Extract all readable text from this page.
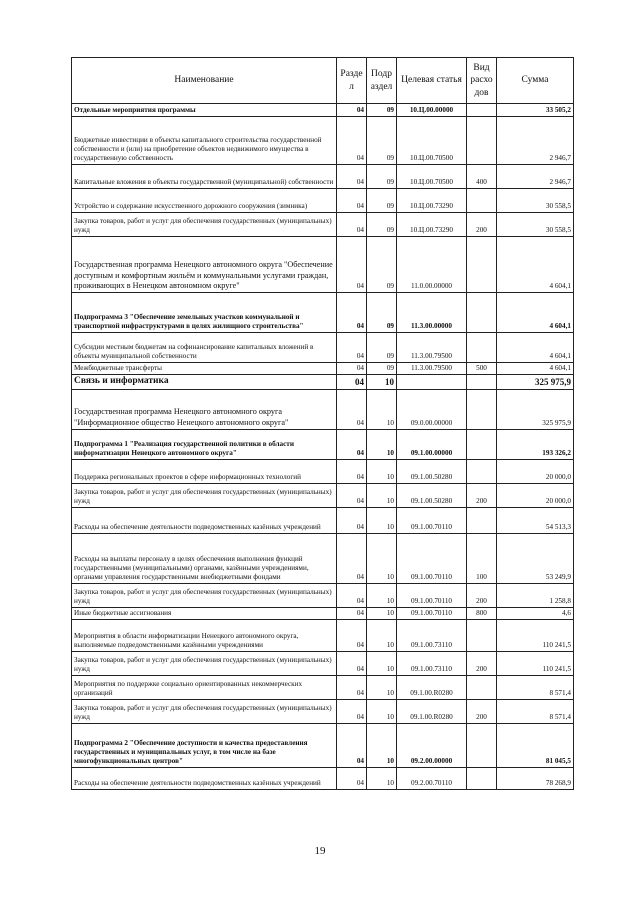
Наименование	Разде л	Подр аздел	Целевая статья	Вид расхо дов	Сумма
Отдельные мероприятия программы	04	09	10.Ц.00.00000		33 505,2
Бюджетные инвестиции в объекты капитального строительства государственной собственности и (или) на приобретение объектов недвижимого имущества в государственную собственность	04	09	10.Ц.00.70500		2 946,7
Капитальные вложения в объекты государственной (муниципальной) собственности	04	09	10.Ц.00.70500	400	2 946,7
Устройство и содержание искусственного дорожного сооружения (зимника)	04	09	10.Ц.00.73290		30 558,5
Закупка товаров, работ и услуг для обеспечения государственных (муниципальных) нужд	04	09	10.Ц.00.73290	200	30 558,5
Государственная программа Ненецкого автономного округа "Обеспечение доступным и комфортным жильём и коммунальными услугами граждан, проживающих в Ненецком автономном округе"	04	09	11.0.00.00000		4 604,1
Подпрограмма 3 "Обеспечение земельных участков коммунальной и транспортной инфраструктурами в целях жилищного строительства"	04	09	11.3.00.00000		4 604,1
Субсидии местным бюджетам на софинансирование капитальных вложений в объекты муниципальной собственности	04	09	11.3.00.79500		4 604,1
Межбюджетные трансферты	04	09	11.3.00.79500	500	4 604,1
Связь и информатика	04	10			325 975,9
Государственная программа Ненецкого автономного округа "Информационное общество Ненецкого автономного округа"	04	10	09.0.00.00000		325 975,9
Подпрограмма 1 "Реализация государственной политики в области информатизации Ненецкого автономного округа"	04	10	09.1.00.00000		193 326,2
Поддержка региональных проектов в сфере информационных технологий	04	10	09.1.00.50280		20 000,0
Закупка товаров, работ и услуг для обеспечения государственных (муниципальных) нужд	04	10	09.1.00.50280	200	20 000,0
Расходы на обеспечение деятельности подведомственных казённых учреждений	04	10	09.1.00.70110		54 513,3
Расходы на выплаты персоналу в целях обеспечения выполнения функций государственными (муниципальными) органами, казёнными учреждениями, органами управления государственными внебюджетными фондами	04	10	09.1.00.70110	100	53 249,9
Закупка товаров, работ и услуг для обеспечения государственных (муниципальных) нужд	04	10	09.1.00.70110	200	1 258,8
Иные бюджетные ассигнования	04	10	09.1.00.70110	800	4,6
Мероприятия в области информатизации Ненецкого автономного округа, выполняемые подведомственными казёнными учреждениями	04	10	09.1.00.73110		110 241,5
Закупка товаров, работ и услуг для обеспечения государственных (муниципальных) нужд	04	10	09.1.00.73110	200	110 241,5
Мероприятия по поддержке социально ориентированных некоммерческих организаций	04	10	09.1.00.R0280		8 571,4
Закупка товаров, работ и услуг для обеспечения государственных (муниципальных) нужд	04	10	09.1.00.R0280	200	8 571,4
Подпрограмма 2 "Обеспечение доступности и качества предоставления государственных и муниципальных услуг, в том числе на базе многофункциональных центров"	04	10	09.2.00.00000		81 045,5
Расходы на обеспечение деятельности подведомственных казённых учреждений	04	10	09.2.00.70110		78 268,9
19
